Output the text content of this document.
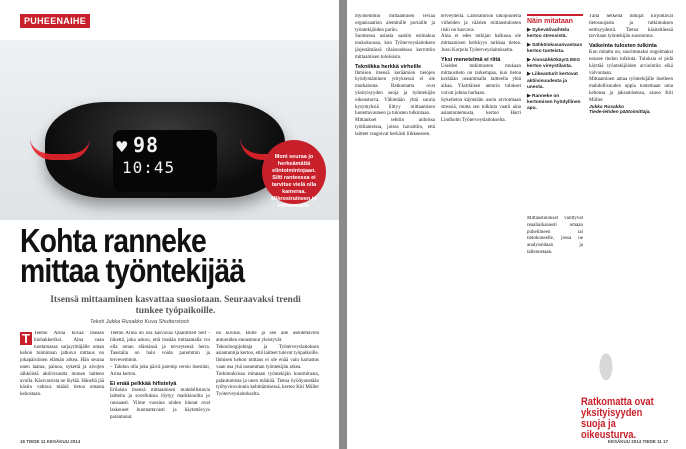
PUHEENAIHE
♥ 98
10:45
Moni seuraa jo herkeämättä elintoimintojaan. Silti ranteessa ei tarvitse vielä olla kameraa. Mikrosiruineen jo mittaamatta.
Kohta ranneke mittaa työntekijää
Itsensä mittaaminen kasvattaa suosiotaan. Seuraavaksi trendi tunkee työpaikoille.
Teksti Jukka Rusakko Kuva Shutterstock
T Teemu Arina kuvaa itseään biohakkeriksi. Aina vaan tuottamassa sarjayrittäjälle oman kehon toiminnan jatkuva mittaus on jokapäiväisen elämän arkea. Hän seuraa unen laatua, painoa, sykettä ja aivojen sähköistä aktiivisuutta monen laitteen avulla. Käsivarsista ne löytää. Hänellä jää käsiin valtava määrä tietoa omasta kehostaan.

Teemu Arina on osa kasvavaa Quantified Self -liikettä, joka uskoo, että itseään mittaamalla voi olla oman elämänsä ja terveytensä herra. Taustalla on halu voida paremmin ja tervevemmin.

– Tahdon olla joka päivä paremp versio itsestäni, Arina kertoo.

Ei enää pelkkää hifistelyä

Erilaisia itsensä mittaamisen mahdollistavia laitteita ja sovelluksia löytyy markkinoilta jo runsaasti. Viime vuosina niiden hinnat ovat laskeneet huomattavasti ja käytettävyys parantunut.

on kuvaus. Bulle ja sen alle asentettavien antureiden ennusmuut yleistyvät.

Teknoloogijohtaja ja Työterveyslaitoksen asiantuntija kertoo, että laitteet tulevat työpaikoille. Ihmisen kehon mittaus ei ole enää vain harrastus vaan osa yhä useamman työntekijän arkea.

Tutkimuksissa mitataan työntekijän kuormitusta, palautumista ja unen määrää. Tietoa hyödynnetään työhyvinvoinnin kehittämisessä, kertoo Kiti Müller Työterveyslaitokselta.

16 TIEDE 11 KESÄKUU 2014

myöhemmin mittaaminen leviää organisaation alemmille portaille ja työntekijöiden pariin.

Suomessa asiasta saatiin esimakua toukokuussa, kun Työterveyslaitoksen järjestämässä tilaisuudessa kerrottiin mittaamisen tuloksista.

Tekniikka herkkä virheille

Ihmisen itsensä keräämien tietojen hyödyntäminen yrityksessä ei ole mutkatonta. Ratkomatta ovat yksityisyyden suoja ja työntekijän oikeusturva. Vähintään yhtä suuria kysymyksiä liittyy mittaamisen luotettavuuteen ja tulosten tulkintaan.

Mittaukset tehtiin aidoissa työtilanteissa, joissa havaittiin, että laitteet reagoivat herkästi liikkeeseen.

terveydellä. Laboratorion ulkopuolella virheiden ja väärien mittaustulosten riski on kasvava.

Aina ei edes tutkijan hallussa ole mittaamisen herkkyys tarkkaa tietoa. Jussi Korpela Työterveyslaitokselta.

Yksi menetelmä ei riitä

Useiden tutkimusten mukaan mittaustieto on tarkempaa, kun tietoa kerätään useammalla laitteella yhtä aikaa. Yksittäisen anturin tulokset voivat johtaa harhaan.

Syketietoa käytetään usein arvioimaan stressiä, mutta sen tulkinta vaatii aina asiantuntemusta, kertoo Harri Lindholm Työterveyslaitokselta.

Näin mitataan
▶ Sykevälivaihtelu kertoo stressistä.
▶ Sähköiskusanvastaus kertoo tunteista.
▶ Aivosähkökäyrä EEG kertoo vireystilasta.
▶ Liikeanturit kertovat aktiivisuudesta ja unesta.
▶ Ranneke on kertomisen hyödyllinen apu.

Mittaustulokset välittyvät reaaliaikaisesti omaan puhelimeen tai tietokoneelle, jossa ne analysoidaan ja tallennetaan.

Tällä hetkellä tutkijat kirjoittavat tietosuojasta ja tutkimuksen eettisyydestä. Tietoa käsiteltäessä tarvitaan työntekijän suostumus.

Vaikeinta tulosten tulkinta

Kun mitattu on, suurimmaksi ongelmaksi nousee tiedon tulkinta. Tuloksia ei pidä käyttää työntekijöiden arviointiin eikä valvontaan.

Mittaaminen antaa työntekijälle itselleen mahdollisuuden oppia tuntemaan oma kehonsa ja jaksamisensa, sanoo Kiti Müller.

Jukka Rusakko

Tiede-lehden päätoimittaja.

Ratkomatta ovat yksityisyyden suoja ja oikeusturva.
KESÄKUU 2014 TIEDE 11 17
